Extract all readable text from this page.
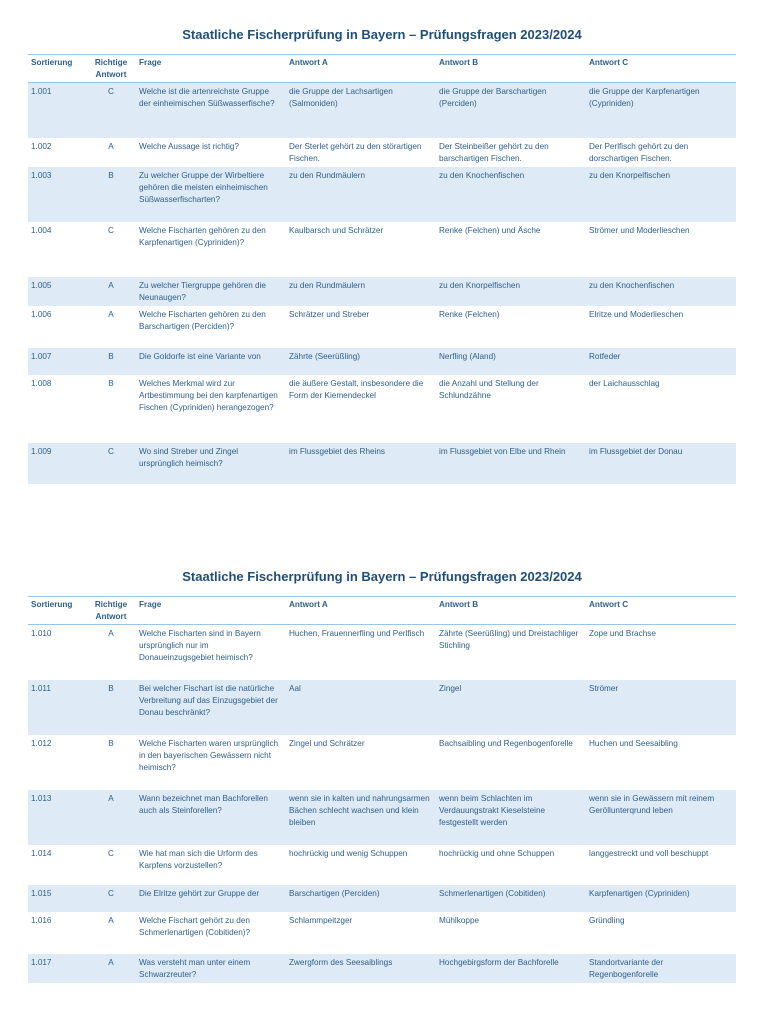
Staatliche Fischerprüfung in Bayern – Prüfungsfragen 2023/2024
Sortierung	Richtige Antwort	Frage	Antwort A	Antwort B	Antwort C
1.001	C	Welche ist die artenreichste Gruppe der einheimischen Süßwasserfische?	die Gruppe der Lachsartigen (Salmoniden)	die Gruppe der Barschartigen (Perciden)	die Gruppe der Karpfenartigen (Cypriniden)
1.002	A	Welche Aussage ist richtig?	Der Sterlet gehört zu den störartigen Fischen.	Der Steinbeißer gehört zu den barschartigen Fischen.	Der Perlfisch gehört zu den dorschartigen Fischen.
1.003	B	Zu welcher Gruppe der Wirbeltiere gehören die meisten einheimischen Süßwasserfischarten?	zu den Rundmäulern	zu den Knochenfischen	zu den Knorpelfischen
1.004	C	Welche Fischarten gehören zu den Karpfenartigen (Cypriniden)?	Kaulbarsch und Schrätzer	Renke (Felchen) und Äsche	Strömer und Moderlieschen
1.005	A	Zu welcher Tiergruppe gehören die Neunaugen?	zu den Rundmäulern	zu den Knorpelfischen	zu den Knochenfischen
1.006	A	Welche Fischarten gehören zu den Barschartigen (Perciden)?	Schrätzer und Streber	Renke (Felchen)	Elritze und Moderlieschen
1.007	B	Die Goldorfe ist eine Variante von	Zährte (Seerüßling)	Nerfling (Aland)	Rotfeder
1.008	B	Welches Merkmal wird zur Artbestimmung bei den karpfenartigen Fischen (Cypriniden) herangezogen?	die äußere Gestalt, insbesondere die Form der Kiemendeckel	die Anzahl und Stellung der Schlundzähne	der Laichausschlag
1.009	C	Wo sind Streber und Zingel ursprünglich heimisch?	im Flussgebiet des Rheins	im Flussgebiet von Elbe und Rhein	im Flussgebiet der Donau
Staatliche Fischerprüfung in Bayern – Prüfungsfragen 2023/2024
Sortierung	Richtige Antwort	Frage	Antwort A	Antwort B	Antwort C
1.010	A	Welche Fischarten sind in Bayern ursprünglich nur im Donaueinzugsgebiet heimisch?	Huchen, Frauennerfling und Perlfisch	Zährte (Seerüßling) und Dreistachliger Stichling	Zope und Brachse
1.011	B	Bei welcher Fischart ist die natürliche Verbreitung auf das Einzugsgebiet der Donau beschränkt?	Aal	Zingel	Strömer
1.012	B	Welche Fischarten waren ursprünglich in den bayerischen Gewässern nicht heimisch?	Zingel und Schrätzer	Bachsaibling und Regenbogenforelle	Huchen und Seesaibling
1.013	A	Wann bezeichnet man Bachforellen auch als Steinforellen?	wenn sie in kalten und nahrungsarmen Bächen schlecht wachsen und klein bleiben	wenn beim Schlachten im Verdauungstrakt Kieselsteine festgestellt werden	wenn sie in Gewässern mit reinem Geröllunterqrund leben
1.014	C	Wie hat man sich die Urform des Karpfens vorzustellen?	hochrückig und wenig Schuppen	hochrückig und ohne Schuppen	langgestreckt und voll beschuppt
1.015	C	Die Elritze gehört zur Gruppe der	Barschartigen (Perciden)	Schmerlenartigen (Cobitiden)	Karpfenartigen (Cypriniden)
1.016	A	Welche Fischart gehört zu den Schmerlenartigen (Cobitiden)?	Schlammpeitzger	Mühlkoppe	Gründling
1.017	A	Was versteht man unter einem Schwarzreuter?	Zwergform des Seesaiblings	Hochgebirgsform der Bachforelle	Standortvariante der Regenbogenforelle
